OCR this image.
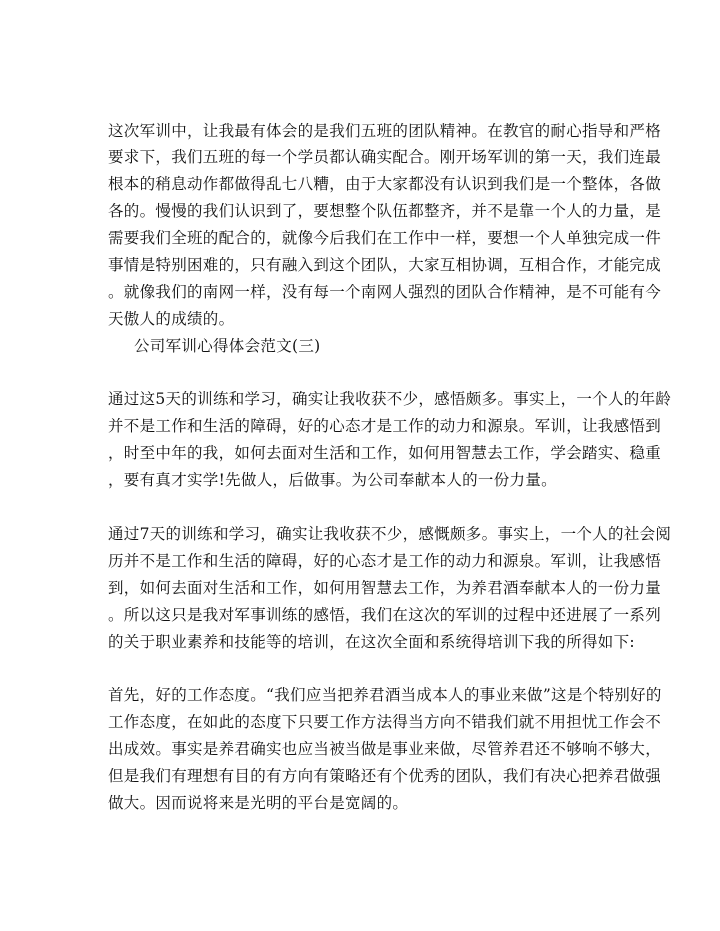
这次军训中，让我最有体会的是我们五班的团队精神。在教官的耐心指导和严格
要求下，我们五班的每一个学员都认确实配合。刚开场军训的第一天，我们连最
根本的稍息动作都做得乱七八糟，由于大家都没有认识到我们是一个整体，各做
各的。慢慢的我们认识到了，要想整个队伍都整齐，并不是靠一个人的力量，是
需要我们全班的配合的，就像今后我们在工作中一样，要想一个人单独完成一件
事情是特别困难的，只有融入到这个团队，大家互相协调，互相合作，才能完成
。就像我们的南网一样，没有每一个南网人强烈的团队合作精神，是不可能有今
天傲人的成绩的。
公司军训心得体会范文(三)
通过这5天的训练和学习，确实让我收获不少，感悟颇多。事实上，一个人的年龄
并不是工作和生活的障碍，好的心态才是工作的动力和源泉。军训，让我感悟到
，时至中年的我，如何去面对生活和工作，如何用智慧去工作，学会踏实、稳重
，要有真才实学!先做人，后做事。为公司奉献本人的一份力量。
通过7天的训练和学习，确实让我收获不少，感慨颇多。事实上，一个人的社会阅
历并不是工作和生活的障碍，好的心态才是工作的动力和源泉。军训，让我感悟
到，如何去面对生活和工作，如何用智慧去工作，为养君酒奉献本人的一份力量
。所以这只是我对军事训练的感悟，我们在这次的军训的过程中还进展了一系列
的关于职业素养和技能等的培训，在这次全面和系统得培训下我的所得如下:
首先，好的工作态度。“我们应当把养君酒当成本人的事业来做”这是个特别好的
工作态度，在如此的态度下只要工作方法得当方向不错我们就不用担忧工作会不
出成效。事实是养君确实也应当被当做是事业来做，尽管养君还不够响不够大，
但是我们有理想有目的有方向有策略还有个优秀的团队，我们有决心把养君做强
做大。因而说将来是光明的平台是宽阔的。
